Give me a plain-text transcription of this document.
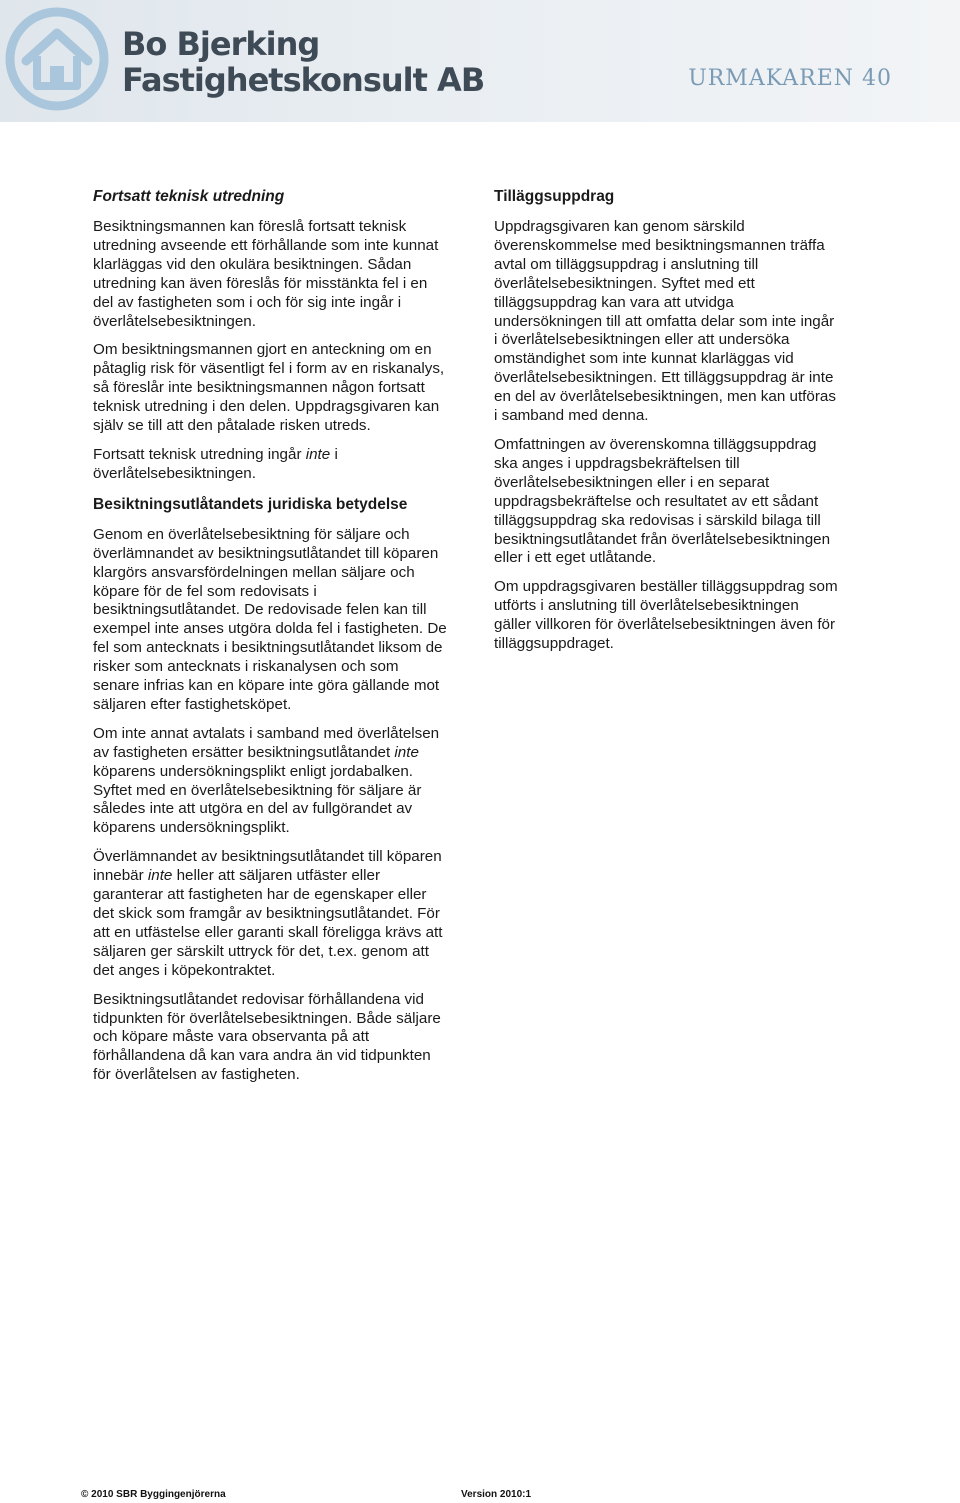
Bo Bjerking
Fastighetskonsult AB	URMAKAREN 40
Fortsatt teknisk utredning

Besiktningsmannen kan föreslå fortsatt teknisk utredning avseende ett förhållande som inte kunnat klarläggas vid den okulära besiktningen. Sådan utredning kan även föreslås för misstänkta fel i en del av fastigheten som i och för sig inte ingår i överlåtelsebesiktningen.

Om besiktningsmannen gjort en anteckning om en påtaglig risk för väsentligt fel i form av en riskanalys, så föreslår inte besiktningsmannen någon fortsatt teknisk utredning i den delen. Uppdragsgivaren kan själv se till att den påtalade risken utreds.

Fortsatt teknisk utredning ingår inte i överlåtelsebesiktningen.

Besiktningsutlåtandets juridiska betydelse

Genom en överlåtelsebesiktning för säljare och överlämnandet av besiktningsutlåtandet till köparen klargörs ansvarsfördelningen mellan säljare och köpare för de fel som redovisats i besiktningsutlåtandet. De redovisade felen kan till exempel inte anses utgöra dolda fel i fastigheten. De fel som antecknats i besiktningsutlåtandet liksom de risker som antecknats i riskanalysen och som senare infrias kan en köpare inte göra gällande mot säljaren efter fastighetsköpet.

Om inte annat avtalats i samband med överlåtelsen av fastigheten ersätter besiktningsutlåtandet inte köparens undersökningsplikt enligt jordabalken. Syftet med en överlåtelsebesiktning för säljare är således inte att utgöra en del av fullgörandet av köparens undersökningsplikt.

Överlämnandet av besiktningsutlåtandet till köparen innebär inte heller att säljaren utfäster eller garanterar att fastigheten har de egenskaper eller det skick som framgår av besiktningsutlåtandet. För att en utfästelse eller garanti skall föreligga krävs att säljaren ger särskilt uttryck för det, t.ex. genom att det anges i köpekontraktet.

Besiktningsutlåtandet redovisar förhållandena vid tidpunkten för överlåtelsebesiktningen. Både säljare och köpare måste vara observanta på att förhållandena då kan vara andra än vid tidpunkten för överlåtelsen av fastigheten.

Tilläggsuppdrag

Uppdragsgivaren kan genom särskild överenskommelse med besiktningsmannen träffa avtal om tilläggsuppdrag i anslutning till överlåtelsebesiktningen. Syftet med ett tilläggsuppdrag kan vara att utvidga undersökningen till att omfatta delar som inte ingår i överlåtelsebesiktningen eller att undersöka omständighet som inte kunnat klarläggas vid överlåtelsebesiktningen. Ett tilläggsuppdrag är inte en del av överlåtelsebesiktningen, men kan utföras i samband med denna.

Omfattningen av överenskomna tilläggsuppdrag ska anges i uppdragsbekräftelsen till överlåtelsebesiktningen eller i en separat uppdragsbekräftelse och resultatet av ett sådant tilläggsuppdrag ska redovisas i särskild bilaga till besiktningsutlåtandet från överlåtelsebesiktningen eller i ett eget utlåtande.

Om uppdragsgivaren beställer tilläggsuppdrag som utförts i anslutning till överlåtelsebesiktningen gäller villkoren för överlåtelsebesiktningen även för tilläggsuppdraget.

© 2010 SBR Byggingenjörerna	Version 2010:1
